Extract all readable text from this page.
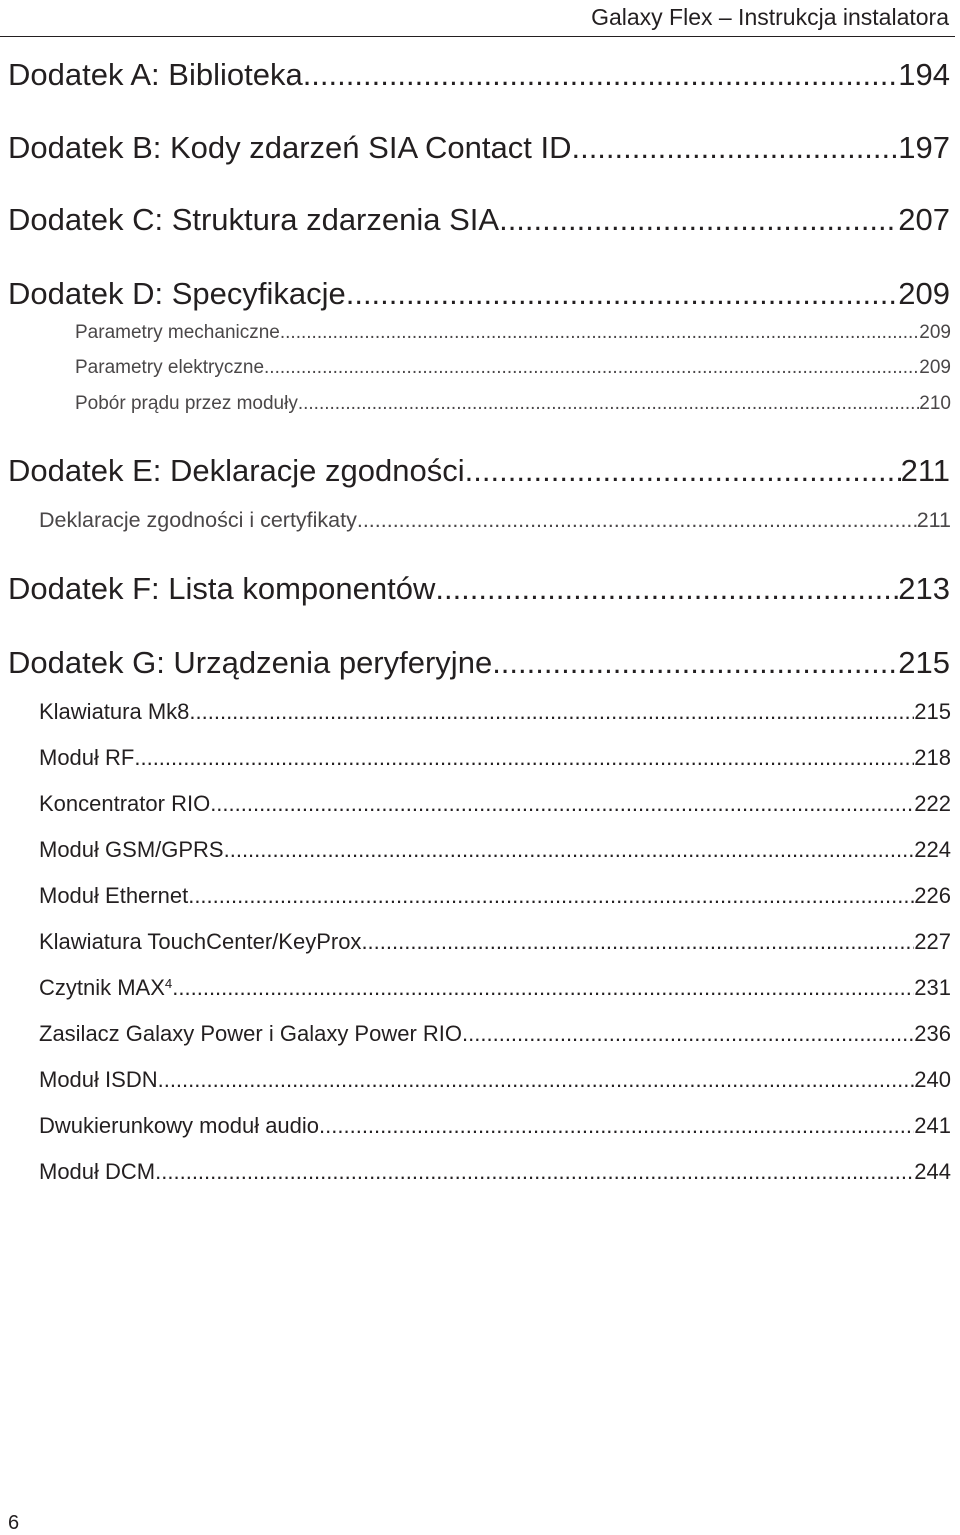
Galaxy Flex – Instrukcja instalatora
Dodatek A: Biblioteka .....	194
Dodatek B: Kody zdarzeń SIA Contact ID .....	197
Dodatek C: Struktura zdarzenia SIA .....	207
Dodatek D: Specyfikacje .....	209
Parametry mechaniczne .....	209
Parametry elektryczne .....	209
Pobór prądu przez moduły .....	210
Dodatek E: Deklaracje zgodności .....	211
Deklaracje zgodności i certyfikaty .....	211
Dodatek F: Lista komponentów .....	213
Dodatek G: Urządzenia peryferyjne .....	215
Klawiatura Mk8 .....	215
Moduł RF .....	218
Koncentrator RIO .....	222
Moduł GSM/GPRS .....	224
Moduł Ethernet .....	226
Klawiatura TouchCenter/KeyProx .....	227
Czytnik MAX$^4$ .....	231
Zasilacz Galaxy Power i Galaxy Power RIO .....	236
Moduł ISDN .....	240
Dwukierunkowy moduł audio .....	241
Moduł DCM .....	244
6
